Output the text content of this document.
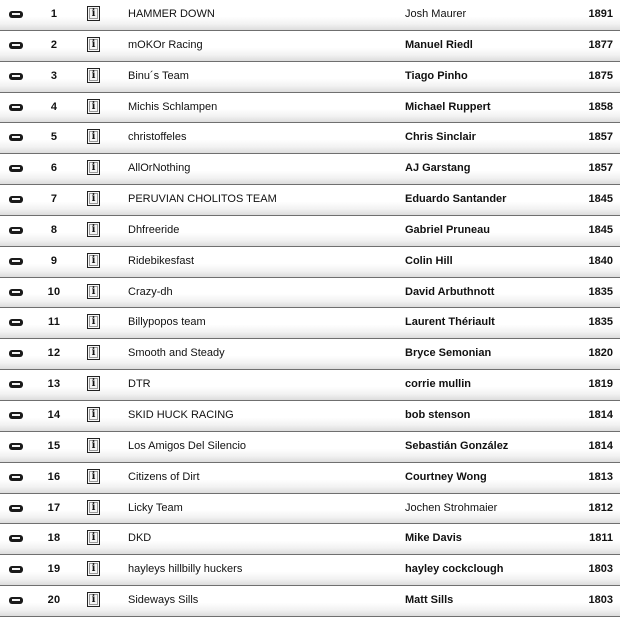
1	i	HAMMER DOWN	Josh Maurer	1891
2	i	mOKOr Racing	Manuel Riedl	1877
3	i	Binu´s Team	Tiago Pinho	1875
4	i	Michis Schlampen	Michael Ruppert	1858
5	i	christoffeles	Chris Sinclair	1857
6	i	AllOrNothing	AJ Garstang	1857
7	i	PERUVIAN CHOLITOS TEAM	Eduardo Santander	1845
8	i	Dhfreeride	Gabriel Pruneau	1845
9	i	Ridebikesfast	Colin Hill	1840
10	i	Crazy-dh	David Arbuthnott	1835
11	i	Billypopos team	Laurent Thériault	1835
12	i	Smooth and Steady	Bryce Semonian	1820
13	i	DTR	corrie mullin	1819
14	i	SKID HUCK RACING	bob stenson	1814
15	i	Los Amigos Del Silencio	Sebastián González	1814
16	i	Citizens of Dirt	Courtney Wong	1813
17	i	Licky Team	Jochen Strohmaier	1812
18	i	DKD	Mike Davis	1811
19	i	hayleys hillbilly huckers	hayley cockclough	1803
20	i	Sideways Sills	Matt Sills	1803
